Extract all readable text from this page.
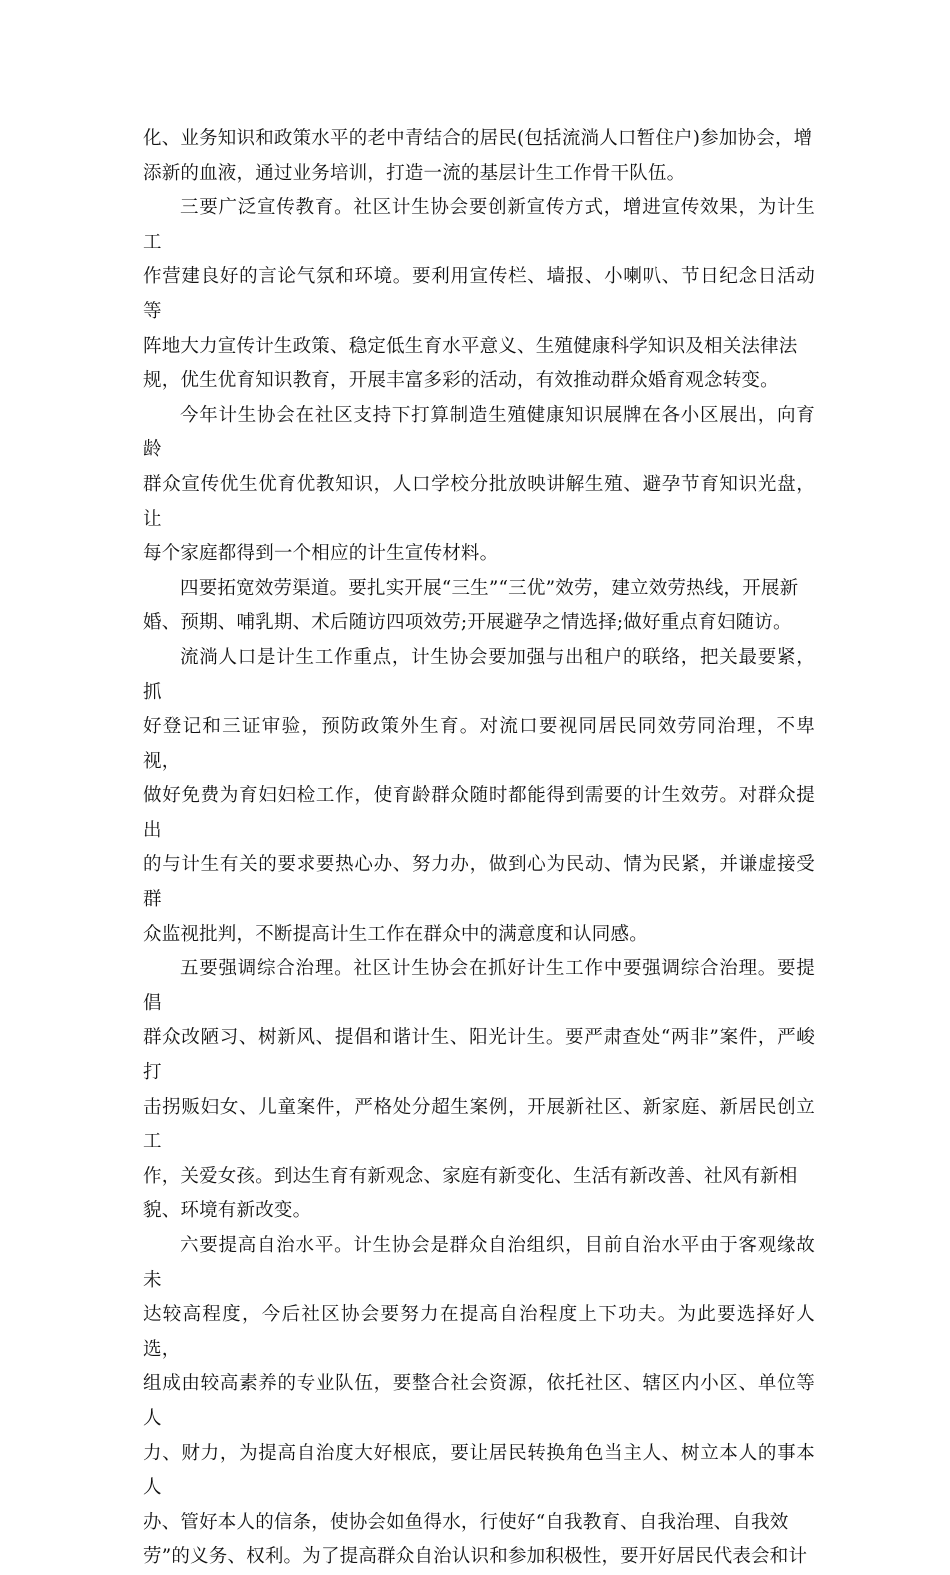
化、业务知识和政策水平的老中青结合的居民(包括流淌人口暂住户)参加协会，增
添新的血液，通过业务培训，打造一流的基层计生工作骨干队伍。
三要广泛宣传教育。社区计生协会要创新宣传方式，增进宣传效果，为计生工
作营建良好的言论气氛和环境。要利用宣传栏、墙报、小喇叭、节日纪念日活动等
阵地大力宣传计生政策、稳定低生育水平意义、生殖健康科学知识及相关法律法
规，优生优育知识教育，开展丰富多彩的活动，有效推动群众婚育观念转变。
今年计生协会在社区支持下打算制造生殖健康知识展牌在各小区展出，向育龄
群众宣传优生优育优教知识，人口学校分批放映讲解生殖、避孕节育知识光盘，让
每个家庭都得到一个相应的计生宣传材料。
四要拓宽效劳渠道。要扎实开展“三生”“三优”效劳，建立效劳热线，开展新
婚、预期、哺乳期、术后随访四项效劳;开展避孕之情选择;做好重点育妇随访。
流淌人口是计生工作重点，计生协会要加强与出租户的联络，把关最要紧，抓
好登记和三证审验，预防政策外生育。对流口要视同居民同效劳同治理，不卑视，
做好免费为育妇妇检工作，使育龄群众随时都能得到需要的计生效劳。对群众提出
的与计生有关的要求要热心办、努力办，做到心为民动、情为民紧，并谦虚接受群
众监视批判，不断提高计生工作在群众中的满意度和认同感。
五要强调综合治理。社区计生协会在抓好计生工作中要强调综合治理。要提倡
群众改陋习、树新风、提倡和谐计生、阳光计生。要严肃查处“两非”案件，严峻打
击拐贩妇女、儿童案件，严格处分超生案例，开展新社区、新家庭、新居民创立工
作，关爱女孩。到达生育有新观念、家庭有新变化、生活有新改善、社风有新相
貌、环境有新改变。
六要提高自治水平。计生协会是群众自治组织，目前自治水平由于客观缘故未
达较高程度，今后社区协会要努力在提高自治程度上下功夫。为此要选择好人选，
组成由较高素养的专业队伍，要整合社会资源，依托社区、辖区内小区、单位等人
力、财力，为提高自治度大好根底，要让居民转换角色当主人、树立本人的事本人
办、管好本人的信条，使协会如鱼得水，行使好“自我教育、自我治理、自我效
劳”的义务、权利。为了提高群众自治认识和参加积极性，要开好居民代表会和计
